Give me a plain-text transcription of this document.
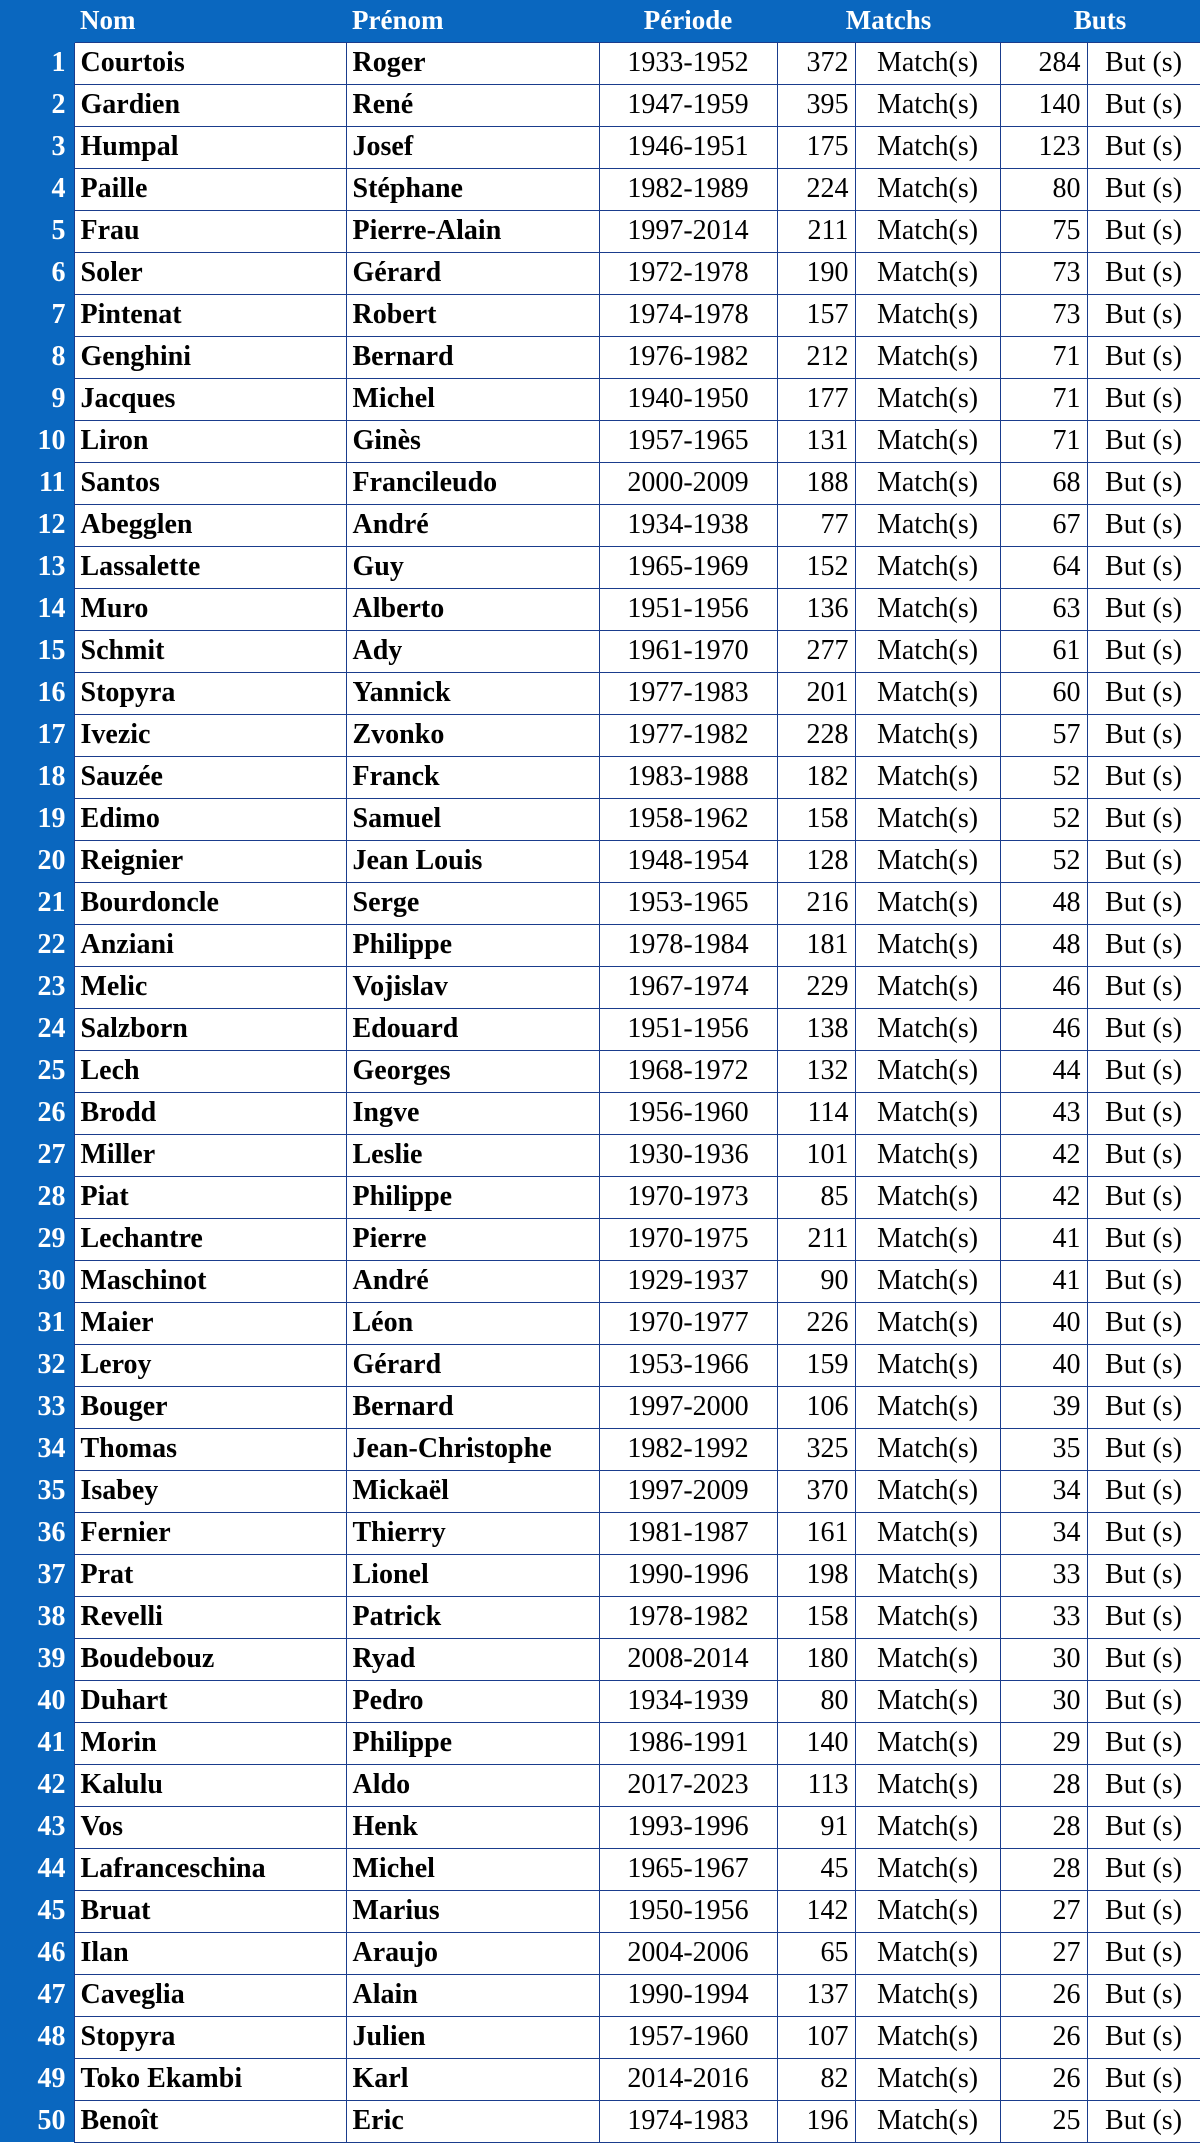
	Nom	Prénom	Période	Matchs		Buts	
1	Courtois	Roger	1933-1952	372	Match(s)	284	But (s)
2	Gardien	René	1947-1959	395	Match(s)	140	But (s)
3	Humpal	Josef	1946-1951	175	Match(s)	123	But (s)
4	Paille	Stéphane	1982-1989	224	Match(s)	80	But (s)
5	Frau	Pierre-Alain	1997-2014	211	Match(s)	75	But (s)
6	Soler	Gérard	1972-1978	190	Match(s)	73	But (s)
7	Pintenat	Robert	1974-1978	157	Match(s)	73	But (s)
8	Genghini	Bernard	1976-1982	212	Match(s)	71	But (s)
9	Jacques	Michel	1940-1950	177	Match(s)	71	But (s)
10	Liron	Ginès	1957-1965	131	Match(s)	71	But (s)
11	Santos	Francileudo	2000-2009	188	Match(s)	68	But (s)
12	Abegglen	André	1934-1938	77	Match(s)	67	But (s)
13	Lassalette	Guy	1965-1969	152	Match(s)	64	But (s)
14	Muro	Alberto	1951-1956	136	Match(s)	63	But (s)
15	Schmit	Ady	1961-1970	277	Match(s)	61	But (s)
16	Stopyra	Yannick	1977-1983	201	Match(s)	60	But (s)
17	Ivezic	Zvonko	1977-1982	228	Match(s)	57	But (s)
18	Sauzée	Franck	1983-1988	182	Match(s)	52	But (s)
19	Edimo	Samuel	1958-1962	158	Match(s)	52	But (s)
20	Reignier	Jean Louis	1948-1954	128	Match(s)	52	But (s)
21	Bourdoncle	Serge	1953-1965	216	Match(s)	48	But (s)
22	Anziani	Philippe	1978-1984	181	Match(s)	48	But (s)
23	Melic	Vojislav	1967-1974	229	Match(s)	46	But (s)
24	Salzborn	Edouard	1951-1956	138	Match(s)	46	But (s)
25	Lech	Georges	1968-1972	132	Match(s)	44	But (s)
26	Brodd	Ingve	1956-1960	114	Match(s)	43	But (s)
27	Miller	Leslie	1930-1936	101	Match(s)	42	But (s)
28	Piat	Philippe	1970-1973	85	Match(s)	42	But (s)
29	Lechantre	Pierre	1970-1975	211	Match(s)	41	But (s)
30	Maschinot	André	1929-1937	90	Match(s)	41	But (s)
31	Maier	Léon	1970-1977	226	Match(s)	40	But (s)
32	Leroy	Gérard	1953-1966	159	Match(s)	40	But (s)
33	Bouger	Bernard	1997-2000	106	Match(s)	39	But (s)
34	Thomas	Jean-Christophe	1982-1992	325	Match(s)	35	But (s)
35	Isabey	Mickaël	1997-2009	370	Match(s)	34	But (s)
36	Fernier	Thierry	1981-1987	161	Match(s)	34	But (s)
37	Prat	Lionel	1990-1996	198	Match(s)	33	But (s)
38	Revelli	Patrick	1978-1982	158	Match(s)	33	But (s)
39	Boudebouz	Ryad	2008-2014	180	Match(s)	30	But (s)
40	Duhart	Pedro	1934-1939	80	Match(s)	30	But (s)
41	Morin	Philippe	1986-1991	140	Match(s)	29	But (s)
42	Kalulu	Aldo	2017-2023	113	Match(s)	28	But (s)
43	Vos	Henk	1993-1996	91	Match(s)	28	But (s)
44	Lafranceschina	Michel	1965-1967	45	Match(s)	28	But (s)
45	Bruat	Marius	1950-1956	142	Match(s)	27	But (s)
46	Ilan	Araujo	2004-2006	65	Match(s)	27	But (s)
47	Caveglia	Alain	1990-1994	137	Match(s)	26	But (s)
48	Stopyra	Julien	1957-1960	107	Match(s)	26	But (s)
49	Toko Ekambi	Karl	2014-2016	82	Match(s)	26	But (s)
50	Benoît	Eric	1974-1983	196	Match(s)	25	But (s)
